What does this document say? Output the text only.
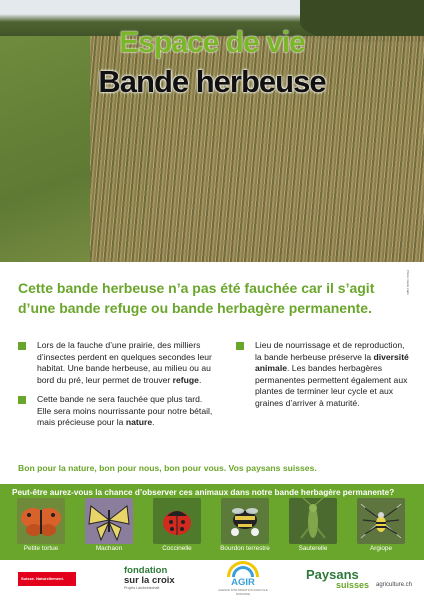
Espace de vie
Bande herbeuse
Photo: Giulio Zalbi
Cette bande herbeuse n’a pas été fauchée car il s’agit d’une bande refuge ou bande herbagère permanente.
Lors de la fauche d’une prairie, des milliers d’insectes perdent en quelques secondes leur habitat. Une bande herbeuse, au milieu ou au bord du pré, leur permet de trouver refuge.
Cette bande ne sera fauchée que plus tard. Elle sera moins nourrissante pour notre bétail, mais précieuse pour la nature.
Lieu de nourrissage et de reproduction, la bande herbeuse préserve la diversité animale. Les bandes herbagères permanentes permettent également aux plantes de terminer leur cycle et aux graines d’arriver à maturité.
Bon pour la nature, bon pour nous, bon pour vous. Vos paysans suisses.
Peut-être aurez-vous la chance d’observer ces animaux dans notre bande herbagère permanente?
Petite tortue	Machaon	Coccinelle	Bourdon terrestre	Sauterelle	Argiope
Suisse. Naturellement.
fondation
sur la croix
Projets Landwirtschaft	AGIR
AGENCE D'INFORMATION AGRICOLE ROMANDE
Paysans
suisses agriculture.ch
